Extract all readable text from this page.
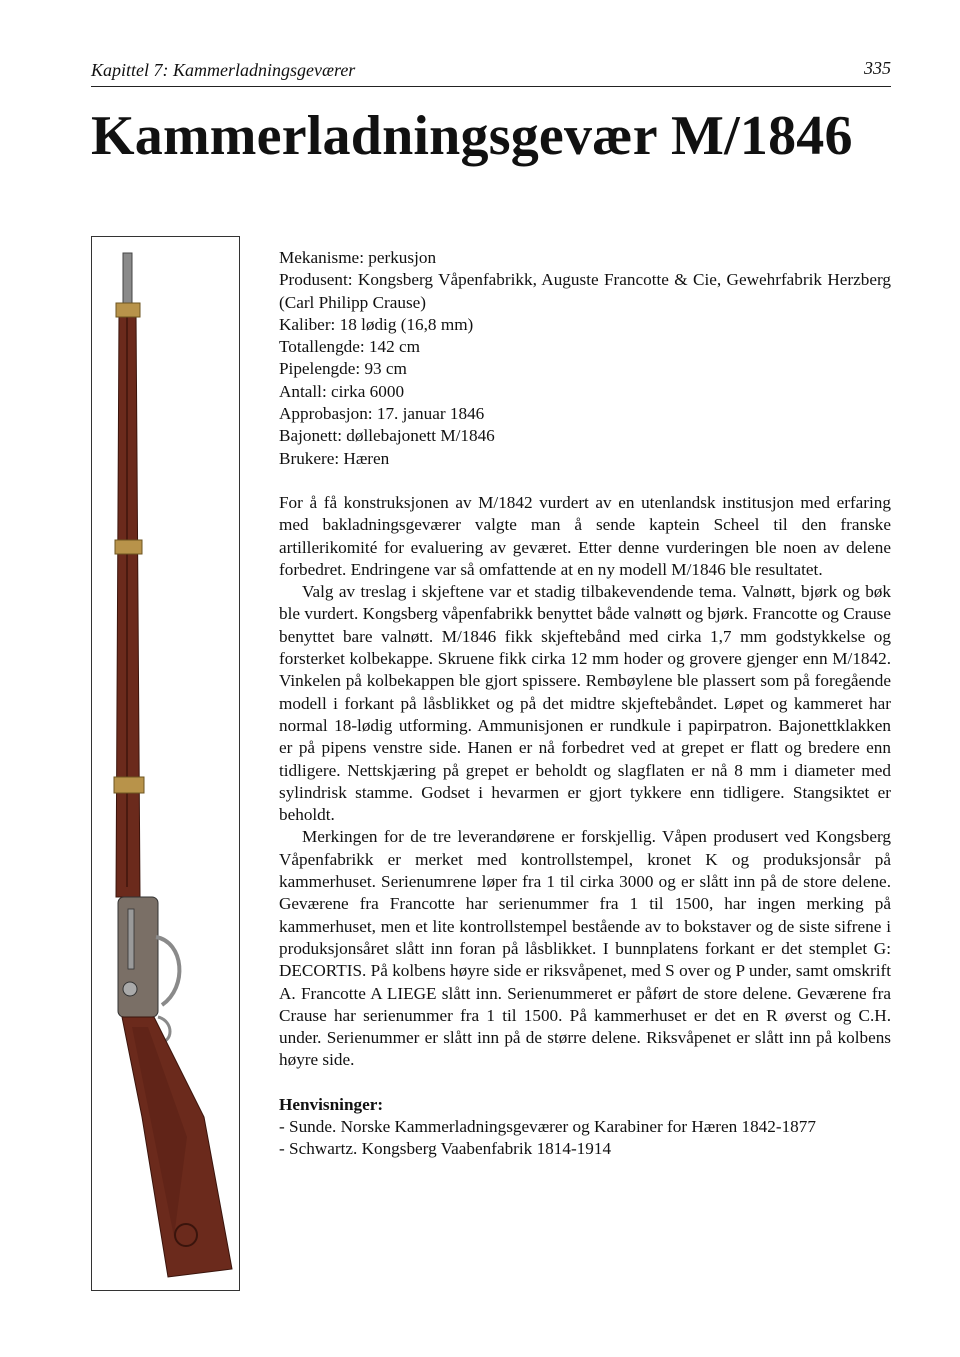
Kapittel 7: Kammerladningsgeværer	335
Kammerladningsgevær M/1846

Mekanisme: perkusjon

Produsent: Kongsberg Våpenfabrikk, Auguste Francotte & Cie, Gewehrfabrik Herzberg (Carl Philipp Crause)

Kaliber: 18 lødig (16,8 mm)

Totallengde: 142 cm

Pipelengde: 93 cm

Antall: cirka 6000

Approbasjon: 17. januar 1846

Bajonett: døllebajonett M/1846

Brukere: Hæren

For å få konstruksjonen av M/1842 vurdert av en utenlandsk institusjon med erfaring med bakladningsgeværer valgte man å sende kaptein Scheel til den franske artillerikomité for evaluering av geværet. Etter denne vurderingen ble noen av delene forbedret. Endringene var så omfattende at en ny modell M/1846 ble resultatet.

Valg av treslag i skjeftene var et stadig tilbakevendende tema. Valnøtt, bjørk og bøk ble vurdert. Kongsberg våpenfabrikk benyttet både valnøtt og bjørk. Francotte og Crause benyttet bare valnøtt. M/1846 fikk skjeftebånd med cirka 1,7 mm godstykkelse og forsterket kolbekappe. Skruene fikk cirka 12 mm hoder og grovere gjenger enn M/1842. Vinkelen på kolbekappen ble gjort spissere. Rembøylene ble plassert som på foregående modell i forkant på låsblikket og på det midtre skjeftebåndet. Løpet og kammeret har normal 18-lødig utforming. Ammunisjonen er rundkule i papirpatron. Bajonettklakken er på pipens venstre side. Hanen er nå forbedret ved at grepet er flatt og bredere enn tidligere. Nettskjæring på grepet er beholdt og slagflaten er nå 8 mm i diameter med sylindrisk stamme. Godset i hevarmen er gjort tykkere enn tidligere. Stangsiktet er beholdt.

Merkingen for de tre leverandørene er forskjellig. Våpen produsert ved Kongsberg Våpenfabrikk er merket med kontrollstempel, kronet K og produksjonsår på kammerhuset. Serienumrene løper fra 1 til cirka 3000 og er slått inn på de store delene. Geværene fra Francotte har serienummer fra 1 til 1500, har ingen merking på kammerhuset, men et lite kontrollstempel bestående av to bokstaver og de siste sifrene i produksjonsåret slått inn foran på låsblikket. I bunnplatens forkant er det stemplet G: DECORTIS. På kolbens høyre side er riksvåpenet, med S over og P under, samt omskrift A. Francotte A LIEGE slått inn. Serienummeret er påført de store delene. Geværene fra Crause har serienummer fra 1 til 1500. På kammerhuset er det en R øverst og C.H. under. Serienummer er slått inn på de større delene. Riksvåpenet er slått inn på kolbens høyre side.

Henvisninger:

- Sunde. Norske Kammerladningsgeværer og Karabiner for Hæren 1842-1877

- Schwartz. Kongsberg Vaabenfabrik 1814-1914
